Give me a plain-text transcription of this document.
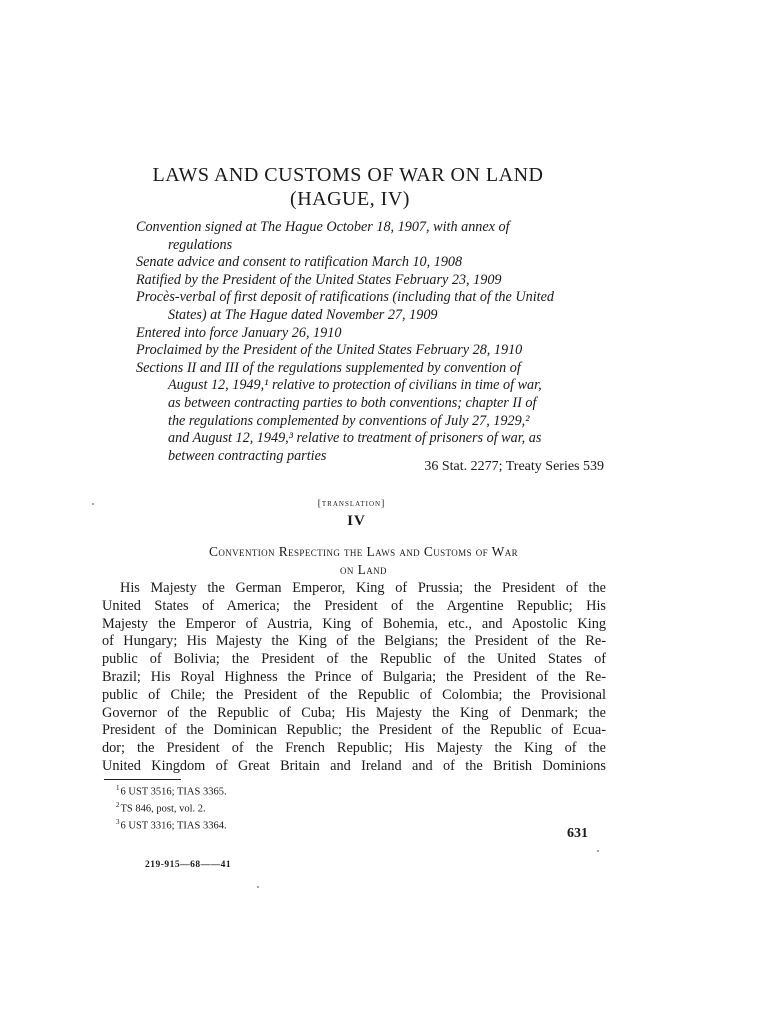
LAWS AND CUSTOMS OF WAR ON LAND
(HAGUE, IV)
Convention signed at The Hague October 18, 1907, with annex of
regulations
Senate advice and consent to ratification March 10, 1908
Ratified by the President of the United States February 23, 1909
Procès-verbal of first deposit of ratifications (including that of the United
States) at The Hague dated November 27, 1909
Entered into force January 26, 1910
Proclaimed by the President of the United States February 28, 1910
Sections II and III of the regulations supplemented by convention of
August 12, 1949,¹ relative to protection of civilians in time of war,
as between contracting parties to both conventions; chapter II of
the regulations complemented by conventions of July 27, 1929,²
and August 12, 1949,³ relative to treatment of prisoners of war, as
between contracting parties
36 Stat. 2277; Treaty Series 539
[translation]
IV
Convention Respecting the Laws and Customs of War
on Land
His Majesty the German Emperor, King of Prussia; the President of the
United States of America; the President of the Argentine Republic; His
Majesty the Emperor of Austria, King of Bohemia, etc., and Apostolic King
of Hungary; His Majesty the King of the Belgians; the President of the Re-
public of Bolivia; the President of the Republic of the United States of
Brazil; His Royal Highness the Prince of Bulgaria; the President of the Re-
public of Chile; the President of the Republic of Colombia; the Provisional
Governor of the Republic of Cuba; His Majesty the King of Denmark; the
President of the Dominican Republic; the President of the Republic of Ecua-
dor; the President of the French Republic; His Majesty the King of the
United Kingdom of Great Britain and Ireland and of the British Dominions
$^1$6 UST 3516; TIAS 3365.
$^2$TS 846, post, vol. 2.
$^3$6 UST 3316; TIAS 3364.	631
219-915—68——41
